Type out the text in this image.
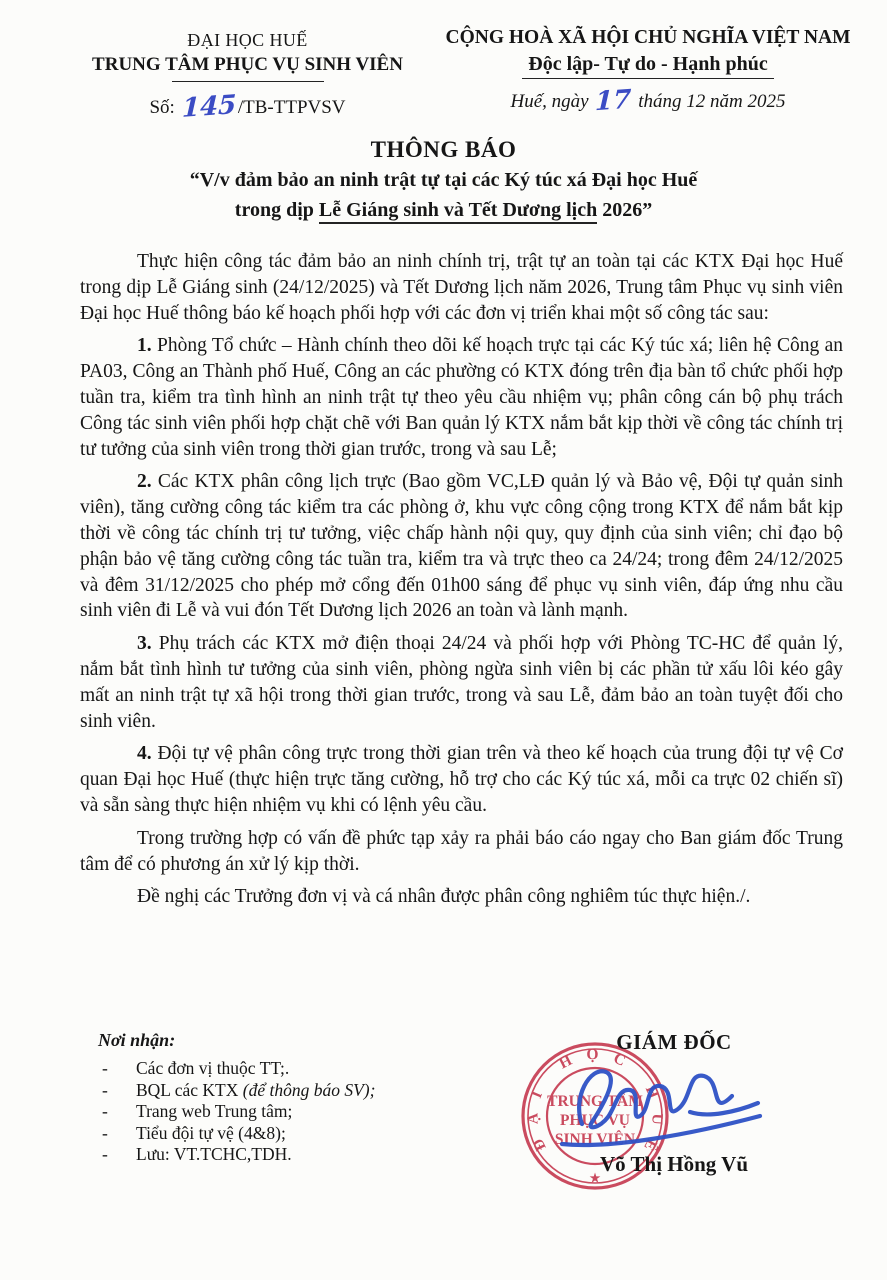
ĐẠI HỌC HUẾ
TRUNG TÂM PHỤC VỤ SINH VIÊN
Số: 145/TB-TTPVSV
CỘNG HOÀ XÃ HỘI CHỦ NGHĨA VIỆT NAM
Độc lập- Tự do - Hạnh phúc
Huế, ngày 17 tháng 12 năm 2025
THÔNG BÁO
“V/v đảm bảo an ninh trật tự tại các Ký túc xá Đại học Huế
trong dịp Lễ Giáng sinh và Tết Dương lịch 2026”

Thực hiện công tác đảm bảo an ninh chính trị, trật tự an toàn tại các KTX Đại học Huế trong dịp Lễ Giáng sinh (24/12/2025) và Tết Dương lịch năm 2026, Trung tâm Phục vụ sinh viên Đại học Huế thông báo kế hoạch phối hợp với các đơn vị triển khai một số công tác sau:

1. Phòng Tổ chức – Hành chính theo dõi kế hoạch trực tại các Ký túc xá; liên hệ Công an PA03, Công an Thành phố Huế, Công an các phường có KTX đóng trên địa bàn tổ chức phối hợp tuần tra, kiểm tra tình hình an ninh trật tự theo yêu cầu nhiệm vụ; phân công cán bộ phụ trách Công tác sinh viên phối hợp chặt chẽ với Ban quản lý KTX nắm bắt kịp thời về công tác chính trị tư tưởng của sinh viên trong thời gian trước, trong và sau Lễ;

2. Các KTX phân công lịch trực (Bao gồm VC,LĐ quản lý và Bảo vệ, Đội tự quản sinh viên), tăng cường công tác kiểm tra các phòng ở, khu vực công cộng trong KTX để nắm bắt kịp thời về công tác chính trị tư tưởng, việc chấp hành nội quy, quy định của sinh viên; chỉ đạo bộ phận bảo vệ tăng cường công tác tuần tra, kiểm tra và trực theo ca 24/24; trong đêm 24/12/2025 và đêm 31/12/2025 cho phép mở cổng đến 01h00 sáng để phục vụ sinh viên, đáp ứng nhu cầu sinh viên đi Lễ và vui đón Tết Dương lịch 2026 an toàn và lành mạnh.

3. Phụ trách các KTX mở điện thoại 24/24 và phối hợp với Phòng TC-HC để quản lý, nắm bắt tình hình tư tưởng của sinh viên, phòng ngừa sinh viên bị các phần tử xấu lôi kéo gây mất an ninh trật tự xã hội trong thời gian trước, trong và sau Lễ, đảm bảo an toàn tuyệt đối cho sinh viên.

4. Đội tự vệ phân công trực trong thời gian trên và theo kế hoạch của trung đội tự vệ Cơ quan Đại học Huế (thực hiện trực tăng cường, hỗ trợ cho các Ký túc xá, mỗi ca trực 02 chiến sĩ) và sẵn sàng thực hiện nhiệm vụ khi có lệnh yêu cầu.

Trong trường hợp có vấn đề phức tạp xảy ra phải báo cáo ngay cho Ban giám đốc Trung tâm để có phương án xử lý kịp thời.

Đề nghị các Trưởng đơn vị và cá nhân được phân công nghiêm túc thực hiện./.

Nơi nhận:
-	Các đơn vị thuộc TT;.
-	BQL các KTX (để thông báo SV);
-	Trang web Trung tâm;
-	Tiểu đội tự vệ (4&8);
-	Lưu: VT.TCHC,TDH.
ĐẠI HỌC HUẾ
TRUNG TÂM
PHỤC VỤ
SINH VIÊN
★
GIÁM ĐỐC
Võ Thị Hồng Vũ
